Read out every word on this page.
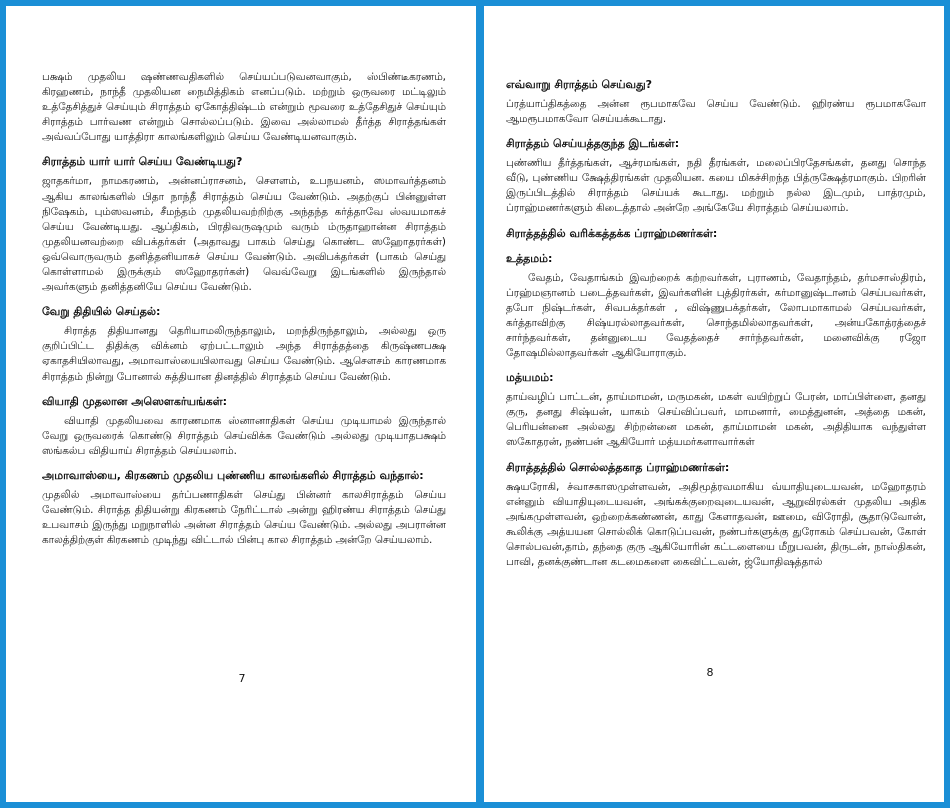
பக்ஷம் முதலிய ஷண்ணவதிகளில் செய்யப்படுவனவாகும், ஸ்பிண்டீகரணம், கிரஹணம், நாந்தீ முதலியன நைமித்திகம் எனப்படும். மற்றும் ஒருவரை மட்டிலும் உத்தேசித்துச் செய்யும் சிராத்தம் ஏகோத்திஷ்டம் என்றும் மூவரை உத்தேசிதுச் செய்யும் சிராத்தம் பார்வண என்றும் சொல்லப்படும். இவை அல்லாமல் தீர்த்த சிராத்தங்கள் அவ்வப்போது யாத்திரா காலங்களிலும் செய்ய வேண்டியனவாகும்.

சிராத்தம் யார் யார் செய்ய வேண்டியது?

ஜாதகர்மா, நாமகரணம், அன்னப்ராசனம், சௌளம், உபநயனம், ஸமாவர்த்தனம் ஆகிய காலங்களில் பிதா நாந்தீ சிராத்தம் செய்ய வேண்டும். அதற்குப் பின்னுள்ள நிஷேகம், பும்ஸவனம், சீமந்தம் முதலியவற்றிற்கு அந்தந்த கர்த்தாவே ஸ்வயமாகச் செய்ய வேண்டியது. ஆப்திகம், பிரதிவருஷமும் வரும் ம்ருதாஹான்ன சிராத்தம் முதலியனவற்றை விபக்தர்கள் (அதாவது பாகம் செய்து கொண்ட ஸஹோதரர்கள்) ஒவ்வொருவரும் தனித்தனியாகச் செய்ய வேண்டும். அவிபக்தர்கள் (பாகம் செய்து கொள்ளாமல் இருக்கும் ஸஹோதரர்கள்) வெவ்வேறு இடங்களில் இருந்தால் அவர்களும் தனித்தனியே செய்ய வேண்டும்.

வேறு திதியில் செய்தல்:

சிராத்த திதியானது தெரியாமலிருந்தாலும், மறந்திருந்தாலும், அல்லது ஒரு குறிப்பிட்ட திதிக்கு விக்னம் ஏற்பட்டாலும் அந்த சிராத்தத்தை கிருஷ்ணபக்ஷ ஏகாதசியிலாவது, அமாவாஸ்யையிலாவது செய்ய வேண்டும். ஆசௌசம் காரணமாக சிராத்தம் நின்று போனால் சுத்தியான தினத்தில் சிராத்தம் செய்ய வேண்டும்.

வியாதி முதலான அஸௌகர்யங்கள்:

வியாதி முதலியவை காரணமாக ஸ்னானாதிகள் செய்ய முடியாமல் இருந்தால் வேறு ஒருவரைக் கொண்டு சிராத்தம் செய்விக்க வேண்டும் அல்லது முடியாதபக்ஷம் ஸங்கல்ப விதியாய் சிராத்தம் செய்யலாம்.

அமாவாஸ்யை, கிரகணம் முதலிய புண்ணிய காலங்களில் சிராத்தம் வந்தால்:

முதலில் அமாவாஸ்யை தர்ப்பணாதிகள் செய்து பின்னர் காலசிராத்தம் செய்ய வேண்டும். சிராத்த திதியன்று கிரகணம் நேரிட்டால் அன்று ஹிரண்ய சிராத்தம் செய்து உபவாசம் இருந்து மறுநாளில் அன்ன சிராத்தம் செய்ய வேண்டும். அல்லது அபரான்ன காலத்திற்குள் கிரகணம் முடிந்து விட்டால் பின்பு கால சிராத்தம் அன்றே செய்யலாம்.

7
எவ்வாறு சிராத்தம் செய்வது?

ப்ரத்யாப்திகத்தை அன்ன ரூபமாகவே செய்ய வேண்டும். ஹிரண்ய ரூபமாகவோ ஆமரூபமாகவோ செய்யக்கூடாது.

சிராத்தம் செய்யத்தகுந்த இடங்கள்:

புண்ணிய தீர்த்தங்கள், ஆச்ரமங்கள், நதி தீரங்கள், மலைப்பிரதேசங்கள், தனது சொந்த வீடு, புண்ணிய க்ஷேத்திரங்கள் முதலியன. கயை மிகச்சிறந்த பித்ருக்ஷேத்ரமாகும். பிறரின் இருப்பிடத்தில் சிராத்தம் செய்யக் கூடாது. மற்றும் நல்ல இடமும், பாத்ரமும், ப்ராஹ்மணர்களும் கிடைத்தால் அன்றே அங்கேயே சிராத்தம் செய்யலாம்.

சிராத்தத்தில் வரிக்கத்தக்க ப்ராஹ்மணர்கள்:
உத்தமம்:

வேதம், வேதாங்கம் இவற்றைக் கற்றவர்கள், புராணம், வேதாந்தம், தர்மசாஸ்திரம், ப்ரஹ்மஞானம் படைத்தவர்கள், இவர்களின் புத்திரர்கள், கர்மானுஷ்டானம் செய்பவர்கள், தபோ நிஷ்டர்கள், சிவபக்தர்கள் , விஷ்ணுபக்தர்கள், லோபமாகாமல் செய்பவர்கள், கர்த்தாவிற்கு சிஷ்யரல்லாதவர்கள், சொந்தமில்லாதவர்கள், அன்யகோத்ரத்தைச் சார்ந்தவர்கள், தன்னுடைய வேதத்தைச் சார்ந்தவர்கள், மனைவிக்கு ரஜோ தோஷமில்லாதவர்கள் ஆகியோராகும்.

மத்யமம்:

தாய்வழிப் பாட்டன், தாய்மாமன், மருமகன், மகள் வயிற்றுப் பேரன், மாப்பிள்ளை, தனது குரு, தனது சிஷ்யன், யாகம் செய்விப்பவர், மாமனார், மைத்துனன், அத்தை மகன், பெரியன்னை அல்லது சிற்றன்னை மகன், தாய்மாமன் மகன், அதிதியாக வந்துள்ள ஸகோதரன், நண்பன் ஆகியோர் மத்யமர்களாவார்கள்

சிராத்தத்தில் சொல்லத்தகாத ப்ராஹ்மணர்கள்:

க்ஷயரோகி, ச்வாசகாஸமுள்ளவன், அதிமூத்ரவமாகிய வ்யாதியுடையவன், மஹோதரம் என்னும் வியாதியுடையவன், அங்கக்குறைவுடையவன், ஆறுவிரல்கள் முதலிய அதிக அங்கமுள்ளவன், ஒற்றைக்கண்ணன், காது கேளாதவன், ஊமை, விரோதி, சூதாடுவோன், கூலிக்கு அத்யயன சொல்லிக் கொடுப்பவன், நண்பர்களுக்கு துரோகம் செய்பவன், கோள் சொல்பவன்,தாம், தந்தை குரு ஆகியோரின் கட்டளையை மீறுபவன், திருடன், நாஸ்திகன், பாவி, தனக்குண்டான கடமைகளை கைவிட்டவன், ஜ்யோதிஷத்தால்

8
